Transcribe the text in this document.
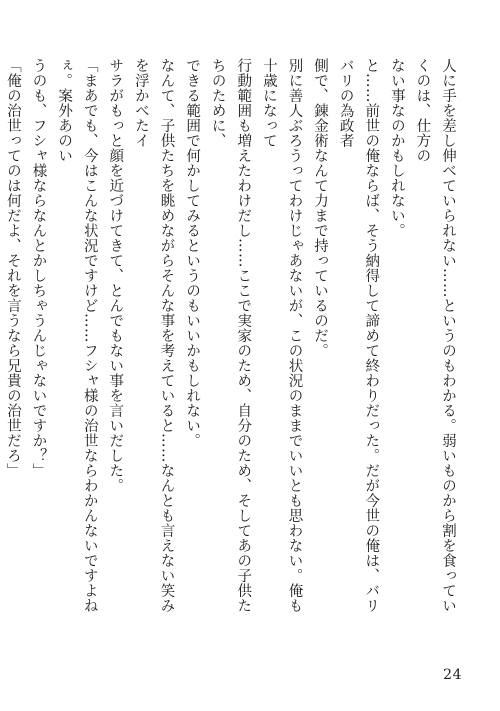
人に手を差し伸べていられない……というのもわかる。弱いものから割を食っていくのは、仕方の

ない事なのかもしれない。

と……前世の俺ならば、そう納得して諦めて終わりだった。だが今世の俺は、バリバリの為政者

側で、錬金術なんて力まで持っているのだ。

別に善人ぶろうってわけじゃあないが、この状況のままでいいとも思わない。俺も十歳になって

行動範囲も増えたわけだし……ここで実家のため、自分のため、そしてあの子供たちのために、

できる範囲で何かしてみるというのもいいかもしれない。

なんて、子供たちを眺めながらそんな事を考えていると……なんとも言えない笑みを浮かべたイ

サラがもっと顔を近づけてきて、とんでもない事を言いだした。

「まあでも、今はこんな状況ですけど……フシャ様の治世ならわかんないですよねぇ。案外あのい

うのも、フシャ様ならなんとかしちゃうんじゃないですか？」

「俺の治世ってのは何だよ、それを言うなら兄貴の治世だろ」

24
